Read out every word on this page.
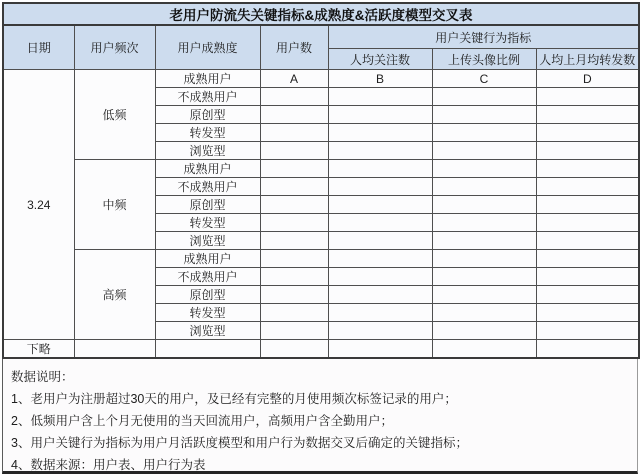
老用户防流失关键指标&成熟度&活跃度模型交叉表						
日期	用户频次	用户成熟度	用户数	用户关键行为指标		
				人均关注数	上传头像比例	人均上月均转发数
3.24	低频	成熟用户	A	B	C	D
		不成熟用户				
		原创型				
		转发型				
		浏览型				
	中频	成熟用户				
		不成熟用户				
		原创型				
		转发型				
		浏览型				
	高频	成熟用户				
		不成熟用户				
		原创型				
		转发型				
		浏览型				
下略						
数据说明：
1、老用户为注册超过30天的用户，及已经有完整的月使用频次标签记录的用户；
2、低频用户含上个月无使用的当天回流用户，高频用户含全勤用户；
3、用户关键行为指标为用户月活跃度模型和用户行为数据交叉后确定的关键指标；
4、数据来源：用户表、用户行为表
